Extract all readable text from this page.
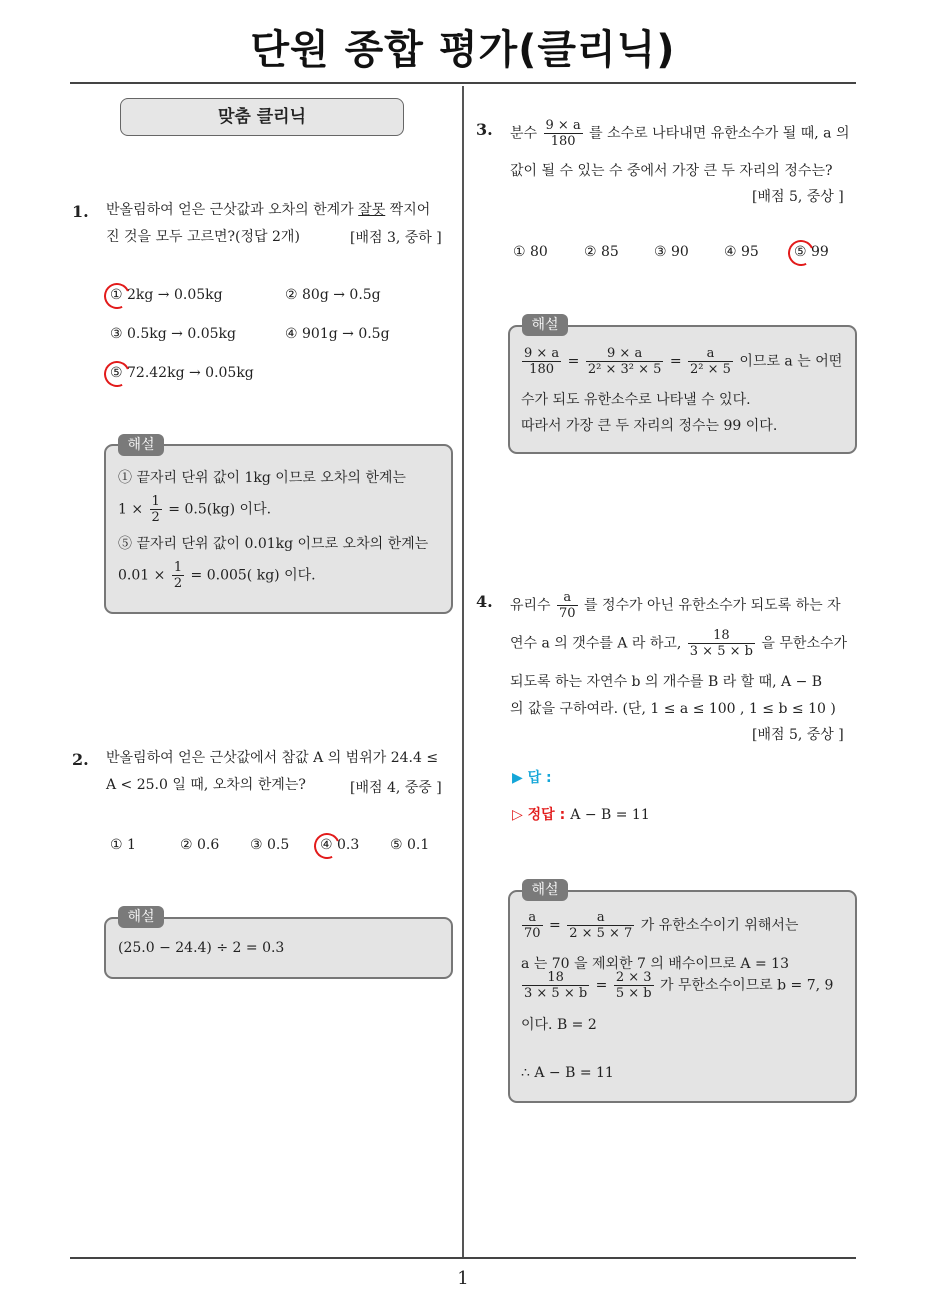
단원 종합 평가(클리닉)
1
맞춤 클리닉
1. 반올림하여 얻은 근삿값과 오차의 한계가 잘못 짝지어
진 것을 모두 고르면?(정답 2개)	[배점 3, 중하 ]
① 2kg → 0.05kg	② 80g → 0.5g
③ 0.5kg → 0.05kg	④ 901g → 0.5g
⑤ 72.42kg → 0.05kg
해설
① 끝자리 단위 값이 1kg 이므로 오차의 한계는
$1 \times \frac{1}{2} = 0.5(kg)$ 이다.
⑤ 끝자리 단위 값이 0.01kg 이므로 오차의 한계는
$0.01 \times \frac{1}{2} = 0.005$( kg) 이다.
2. 반올림하여 얻은 근삿값에서 참값 A 의 범위가 24.4 ≤
A < 25.0 일 때, 오차의 한계는?	[배점 4, 중중 ]
① 1	② 0.6 ③ 0.5 ④ 0.3 ⑤ 0.1
해설
(25.0 − 24.4) ÷ 2 = 0.3
3. 분수 $\frac{9 \times a}{180}$ 를 소수로 나타내면 유한소수가 될 때, a 의
값이 될 수 있는 수 중에서 가장 큰 두 자리의 정수는?
[배점 5, 중상 ]
① 80	② 85	③ 90	④ 95	⑤ 99
해설
$\frac{9 \times a}{180} = \frac{9 \times a}{\text{2² × 3² × 5}} = \frac{a}{\text{2² × 5}}$ 이므로 a 는 어떤
수가 되도 유한소수로 나타낼 수 있다.
따라서 가장 큰 두 자리의 정수는 99 이다.
4. 유리수 $\frac{a}{70}$ 를 정수가 아닌 유한소수가 되도록 하는 자
연수 a 의 갯수를 A 라 하고, $\frac{18}{3 \times 5 \times b}$ 을 무한소수가
되도록 하는 자연수 b 의 개수를 B 라 할 때, A − B
의 값을 구하여라. (단, 1 ≤ a ≤ 100 , 1 ≤ b ≤ 10 )
[배점 5, 중상 ]
▶ 답 :
▷ 정답 : A − B = 11
해설
$\frac{a}{70} = \frac{a}{2 \times 5 \times 7}$ 가 유한소수이기 위해서는
a 는 70 을 제외한 7 의 배수이므로 A = 13
$\frac{18}{3 \times 5 \times b} = \frac{2 \times 3}{5 \times b}$ 가 무한소수이므로 b = 7, 9
이다. B = 2
∴ A − B = 11
